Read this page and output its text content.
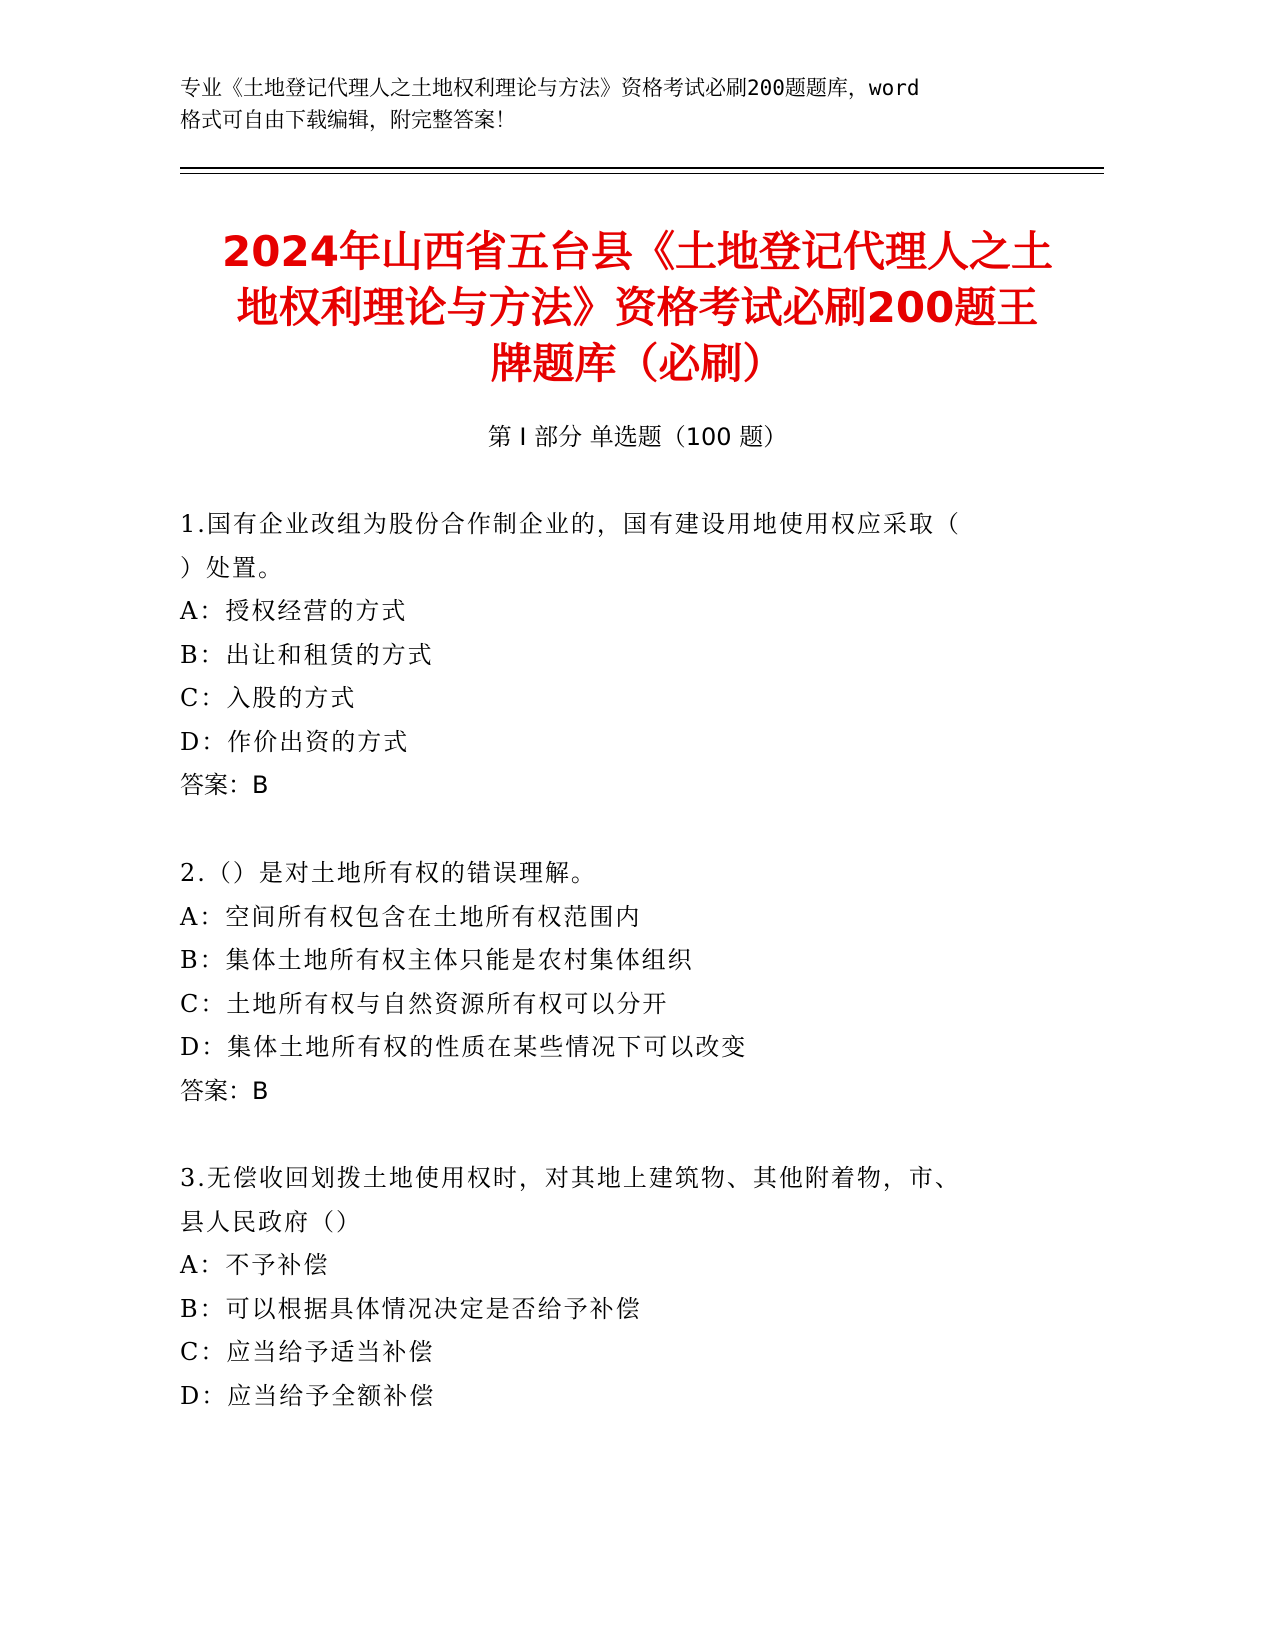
专业《土地登记代理人之土地权利理论与方法》资格考试必刷200题题库，word
格式可自由下载编辑，附完整答案！
2024年山西省五台县《土地登记代理人之土
地权利理论与方法》资格考试必刷200题王
牌题库（必刷）
第 I 部分 单选题（100 题）

1.国有企业改组为股份合作制企业的，国有建设用地使用权应采取（

）处置。

A：授权经营的方式

B：出让和租赁的方式

C：入股的方式

D：作价出资的方式

答案：B

2.（）是对土地所有权的错误理解。

A：空间所有权包含在土地所有权范围内

B：集体土地所有权主体只能是农村集体组织

C：土地所有权与自然资源所有权可以分开

D：集体土地所有权的性质在某些情况下可以改变

答案：B

3.无偿收回划拨土地使用权时，对其地上建筑物、其他附着物，市、

县人民政府（）

A：不予补偿

B：可以根据具体情况决定是否给予补偿

C：应当给予适当补偿

D：应当给予全额补偿
